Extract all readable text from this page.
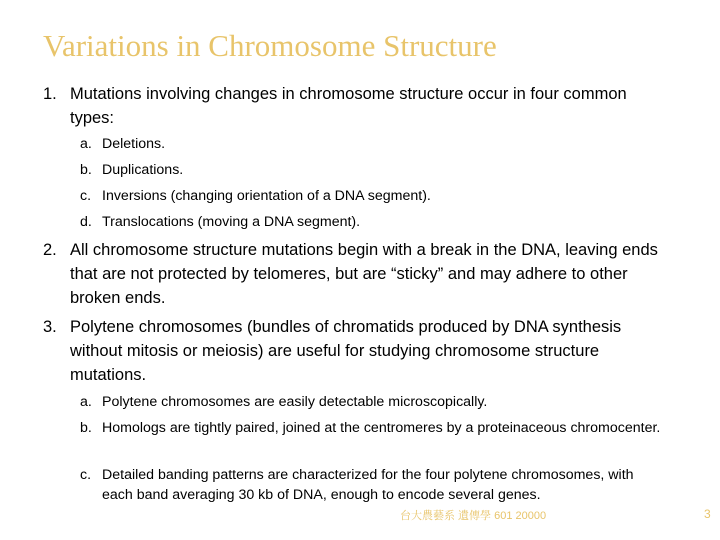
Variations in Chromosome Structure
1. Mutations involving changes in chromosome structure occur in four common types:
a. Deletions.
b. Duplications.
c. Inversions (changing orientation of a DNA segment).
d. Translocations (moving a DNA segment).
2. All chromosome structure mutations begin with a break in the DNA, leaving ends that are not protected by telomeres, but are “sticky” and may adhere to other broken ends.
3. Polytene chromosomes (bundles of chromatids produced by DNA synthesis without mitosis or meiosis) are useful for studying chromosome structure mutations.
a. Polytene chromosomes are easily detectable microscopically.
b. Homologs are tightly paired, joined at the centromeres by a proteinaceous chromocenter.
c. Detailed banding patterns are characterized for the four polytene chromosomes, with each band averaging 30 kb of DNA, enough to encode several genes.
台大農藝系 遺傳學 601 20000	3
